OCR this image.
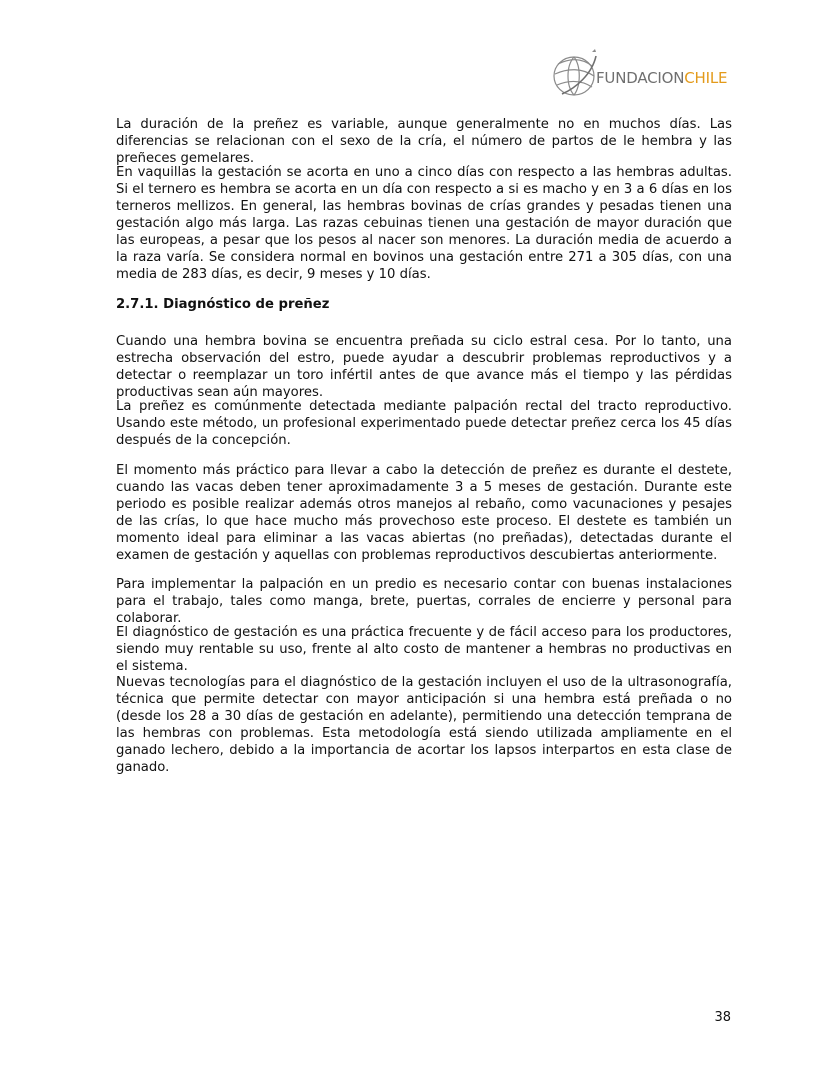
FUNDACIONCHILE

La duración de la preñez es variable, aunque generalmente no en muchos días. Las diferencias se relacionan con el sexo de la cría, el número de partos de le hembra y las preñeces gemelares.

En vaquillas la gestación se acorta en uno a cinco días con respecto a las hembras adultas. Si el ternero es hembra se acorta en un día con respecto a si es macho y en 3 a 6 días en los terneros mellizos. En general, las hembras bovinas de crías grandes y pesadas tienen una gestación algo más larga. Las razas cebuinas tienen una gestación de mayor duración que las europeas, a pesar que los pesos al nacer son menores. La duración media de acuerdo a la raza varía. Se considera normal en bovinos una gestación entre 271 a 305 días, con una media de 283 días, es decir, 9 meses y 10 días.

2.7.1. Diagnóstico de preñez

Cuando una hembra bovina se encuentra preñada su ciclo estral cesa. Por lo tanto, una estrecha observación del estro, puede ayudar a descubrir problemas reproductivos y a detectar o reemplazar un toro infértil antes de que avance más el tiempo y las pérdidas productivas sean aún mayores.

La preñez es comúnmente detectada mediante palpación rectal del tracto reproductivo. Usando este método, un profesional experimentado puede detectar preñez cerca los 45 días después de la concepción.

El momento más práctico para llevar a cabo la detección de preñez es durante el destete, cuando las vacas deben tener aproximadamente 3 a 5 meses de gestación. Durante este periodo es posible realizar además otros manejos al rebaño, como vacunaciones y pesajes de las crías, lo que hace mucho más provechoso este proceso. El destete es también un momento ideal para eliminar a las vacas abiertas (no preñadas), detectadas durante el examen de gestación y aquellas con problemas reproductivos descubiertas anteriormente.

Para implementar la palpación en un predio es necesario contar con buenas instalaciones para el trabajo, tales como manga, brete, puertas, corrales de encierre y personal para colaborar.

El diagnóstico de gestación es una práctica frecuente y de fácil acceso para los productores, siendo muy rentable su uso, frente al alto costo de mantener a hembras no productivas en el sistema.

Nuevas tecnologías para el diagnóstico de la gestación incluyen el uso de la ultrasonografía, técnica que permite detectar con mayor anticipación si una hembra está preñada o no (desde los 28 a 30 días de gestación en adelante), permitiendo una detección temprana de las hembras con problemas. Esta metodología está siendo utilizada ampliamente en el ganado lechero, debido a la importancia de acortar los lapsos interpartos en esta clase de ganado.

38
